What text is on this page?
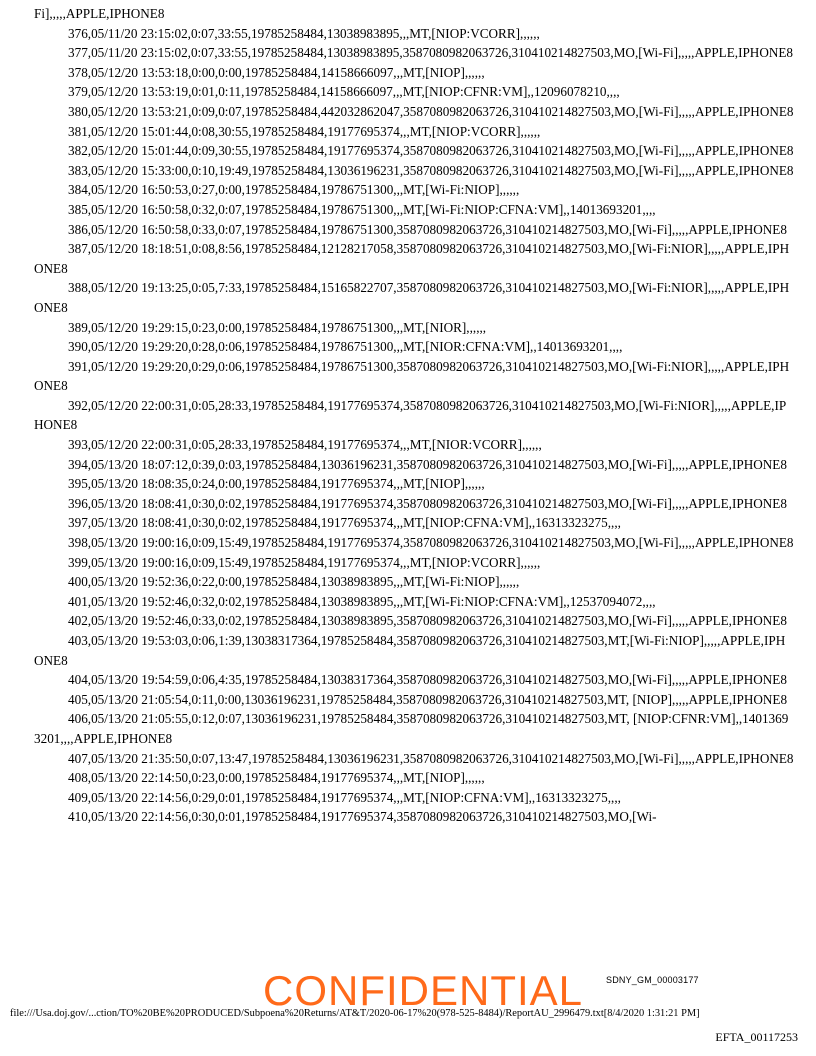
Fi],,,,,APPLE,IPHONE8

376,05/11/20 23:15:02,0:07,33:55,19785258484,13038983895,,,MT,[NIOP:VCORR],,,,,,

377,05/11/20 23:15:02,0:07,33:55,19785258484,13038983895,3587080982063726,310410214827503,MO,[Wi-Fi],,,,,APPLE,IPHONE8

378,05/12/20 13:53:18,0:00,0:00,19785258484,14158666097,,,MT,[NIOP],,,,,,

379,05/12/20 13:53:19,0:01,0:11,19785258484,14158666097,,,MT,[NIOP:CFNR:VM],,12096078210,,,,

380,05/12/20 13:53:21,0:09,0:07,19785258484,442032862047,3587080982063726,310410214827503,MO,[Wi-Fi],,,,,APPLE,IPHONE8

381,05/12/20 15:01:44,0:08,30:55,19785258484,19177695374,,,MT,[NIOP:VCORR],,,,,,

382,05/12/20 15:01:44,0:09,30:55,19785258484,19177695374,3587080982063726,310410214827503,MO,[Wi-Fi],,,,,APPLE,IPHONE8

383,05/12/20 15:33:00,0:10,19:49,19785258484,13036196231,3587080982063726,310410214827503,MO,[Wi-Fi],,,,,APPLE,IPHONE8

384,05/12/20 16:50:53,0:27,0:00,19785258484,19786751300,,,MT,[Wi-Fi:NIOP],,,,,,

385,05/12/20 16:50:58,0:32,0:07,19785258484,19786751300,,,MT,[Wi-Fi:NIOP:CFNA:VM],,14013693201,,,,

386,05/12/20 16:50:58,0:33,0:07,19785258484,19786751300,3587080982063726,310410214827503,MO,[Wi-Fi],,,,,APPLE,IPHONE8

387,05/12/20 18:18:51,0:08,8:56,19785258484,12128217058,3587080982063726,310410214827503,MO,[Wi-Fi:NIOR],,,,,APPLE,IPHONE8

388,05/12/20 19:13:25,0:05,7:33,19785258484,15165822707,3587080982063726,310410214827503,MO,[Wi-Fi:NIOR],,,,,APPLE,IPHONE8

389,05/12/20 19:29:15,0:23,0:00,19785258484,19786751300,,,MT,[NIOR],,,,,,

390,05/12/20 19:29:20,0:28,0:06,19785258484,19786751300,,,MT,[NIOR:CFNA:VM],,14013693201,,,,

391,05/12/20 19:29:20,0:29,0:06,19785258484,19786751300,3587080982063726,310410214827503,MO,[Wi-Fi:NIOR],,,,,APPLE,IPHONE8

392,05/12/20 22:00:31,0:05,28:33,19785258484,19177695374,3587080982063726,310410214827503,MO,[Wi-Fi:NIOR],,,,,APPLE,IPHONE8

393,05/12/20 22:00:31,0:05,28:33,19785258484,19177695374,,,MT,[NIOR:VCORR],,,,,,

394,05/13/20 18:07:12,0:39,0:03,19785258484,13036196231,3587080982063726,310410214827503,MO,[Wi-Fi],,,,,APPLE,IPHONE8

395,05/13/20 18:08:35,0:24,0:00,19785258484,19177695374,,,MT,[NIOP],,,,,,

396,05/13/20 18:08:41,0:30,0:02,19785258484,19177695374,3587080982063726,310410214827503,MO,[Wi-Fi],,,,,APPLE,IPHONE8

397,05/13/20 18:08:41,0:30,0:02,19785258484,19177695374,,,MT,[NIOP:CFNA:VM],,16313323275,,,,

398,05/13/20 19:00:16,0:09,15:49,19785258484,19177695374,3587080982063726,310410214827503,MO,[Wi-Fi],,,,,APPLE,IPHONE8

399,05/13/20 19:00:16,0:09,15:49,19785258484,19177695374,,,MT,[NIOP:VCORR],,,,,,

400,05/13/20 19:52:36,0:22,0:00,19785258484,13038983895,,,MT,[Wi-Fi:NIOP],,,,,,

401,05/13/20 19:52:46,0:32,0:02,19785258484,13038983895,,,MT,[Wi-Fi:NIOP:CFNA:VM],,12537094072,,,,

402,05/13/20 19:52:46,0:33,0:02,19785258484,13038983895,3587080982063726,310410214827503,MO,[Wi-Fi],,,,,APPLE,IPHONE8

403,05/13/20 19:53:03,0:06,1:39,13038317364,19785258484,3587080982063726,310410214827503,MT,[Wi-Fi:NIOP],,,,,APPLE,IPHONE8

404,05/13/20 19:54:59,0:06,4:35,19785258484,13038317364,3587080982063726,310410214827503,MO,[Wi-Fi],,,,,APPLE,IPHONE8

405,05/13/20 21:05:54,0:11,0:00,13036196231,19785258484,3587080982063726,310410214827503,MT, [NIOP],,,,,APPLE,IPHONE8

406,05/13/20 21:05:55,0:12,0:07,13036196231,19785258484,3587080982063726,310410214827503,MT, [NIOP:CFNR:VM],,14013693201,,,,APPLE,IPHONE8

407,05/13/20 21:35:50,0:07,13:47,19785258484,13036196231,3587080982063726,310410214827503,MO,[Wi-Fi],,,,,APPLE,IPHONE8

408,05/13/20 22:14:50,0:23,0:00,19785258484,19177695374,,,MT,[NIOP],,,,,,

409,05/13/20 22:14:56,0:29,0:01,19785258484,19177695374,,,MT,[NIOP:CFNA:VM],,16313323275,,,,

410,05/13/20 22:14:56,0:30,0:01,19785258484,19177695374,3587080982063726,310410214827503,MO,[Wi-

CONFIDENTIAL	SDNY_GM_00003177
file:///Usa.doj.gov/...ction/TO%20BE%20PRODUCED/Subpoena%20Returns/AT&T/2020-06-17%20(978-525-8484)/ReportAU_2996479.txt[8/4/2020 1:31:21 PM]
EFTA_00117253
